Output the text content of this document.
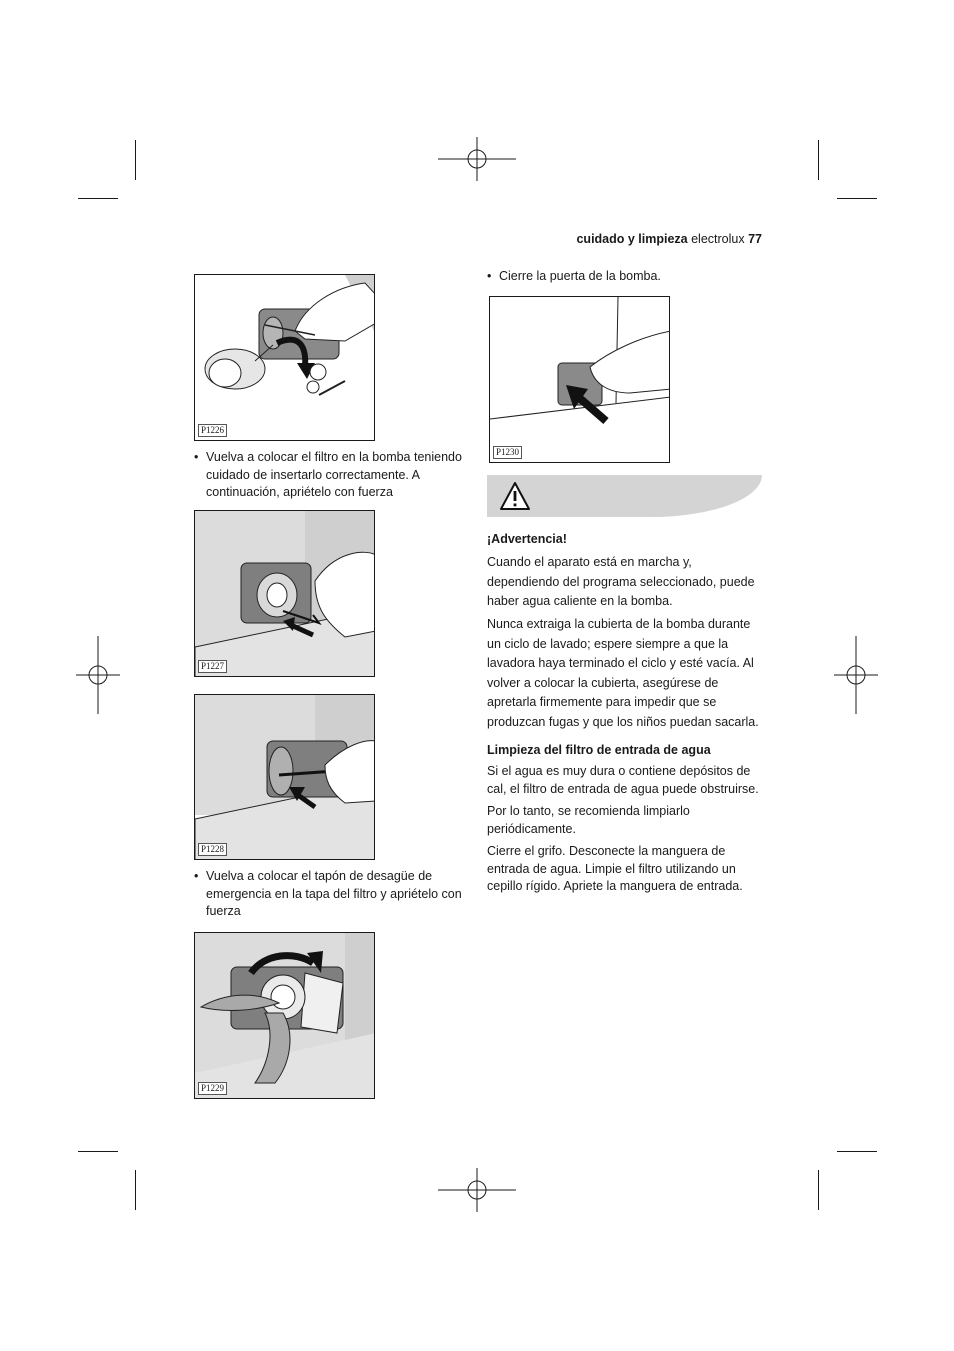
cuidado y limpieza electrolux 77
P1226
• Vuelva a colocar el filtro en la bomba teniendo cuidado de insertarlo correctamente. A continuación, apriételo con fuerza
P1227
P1228
• Vuelva a colocar el tapón de desagüe de emergencia en la tapa del filtro y apriételo con fuerza
P1229
• Cierre la puerta de la bomba.
P1230
¡Advertencia!
Cuando el aparato está en marcha y, dependiendo del programa seleccionado, puede haber agua caliente en la bomba.
Nunca extraiga la cubierta de la bomba durante un ciclo de lavado; espere siempre a que la lavadora haya terminado el ciclo y esté vacía. Al volver a colocar la cubierta, asegúrese de apretarla firmemente para impedir que se produzcan fugas y que los niños puedan sacarla.
Limpieza del filtro de entrada de agua
Si el agua es muy dura o contiene depósitos de cal, el filtro de entrada de agua puede obstruirse.
Por lo tanto, se recomienda limpiarlo periódicamente.
Cierre el grifo. Desconecte la manguera de entrada de agua. Limpie el filtro utilizando un cepillo rígido. Apriete la manguera de entrada.
